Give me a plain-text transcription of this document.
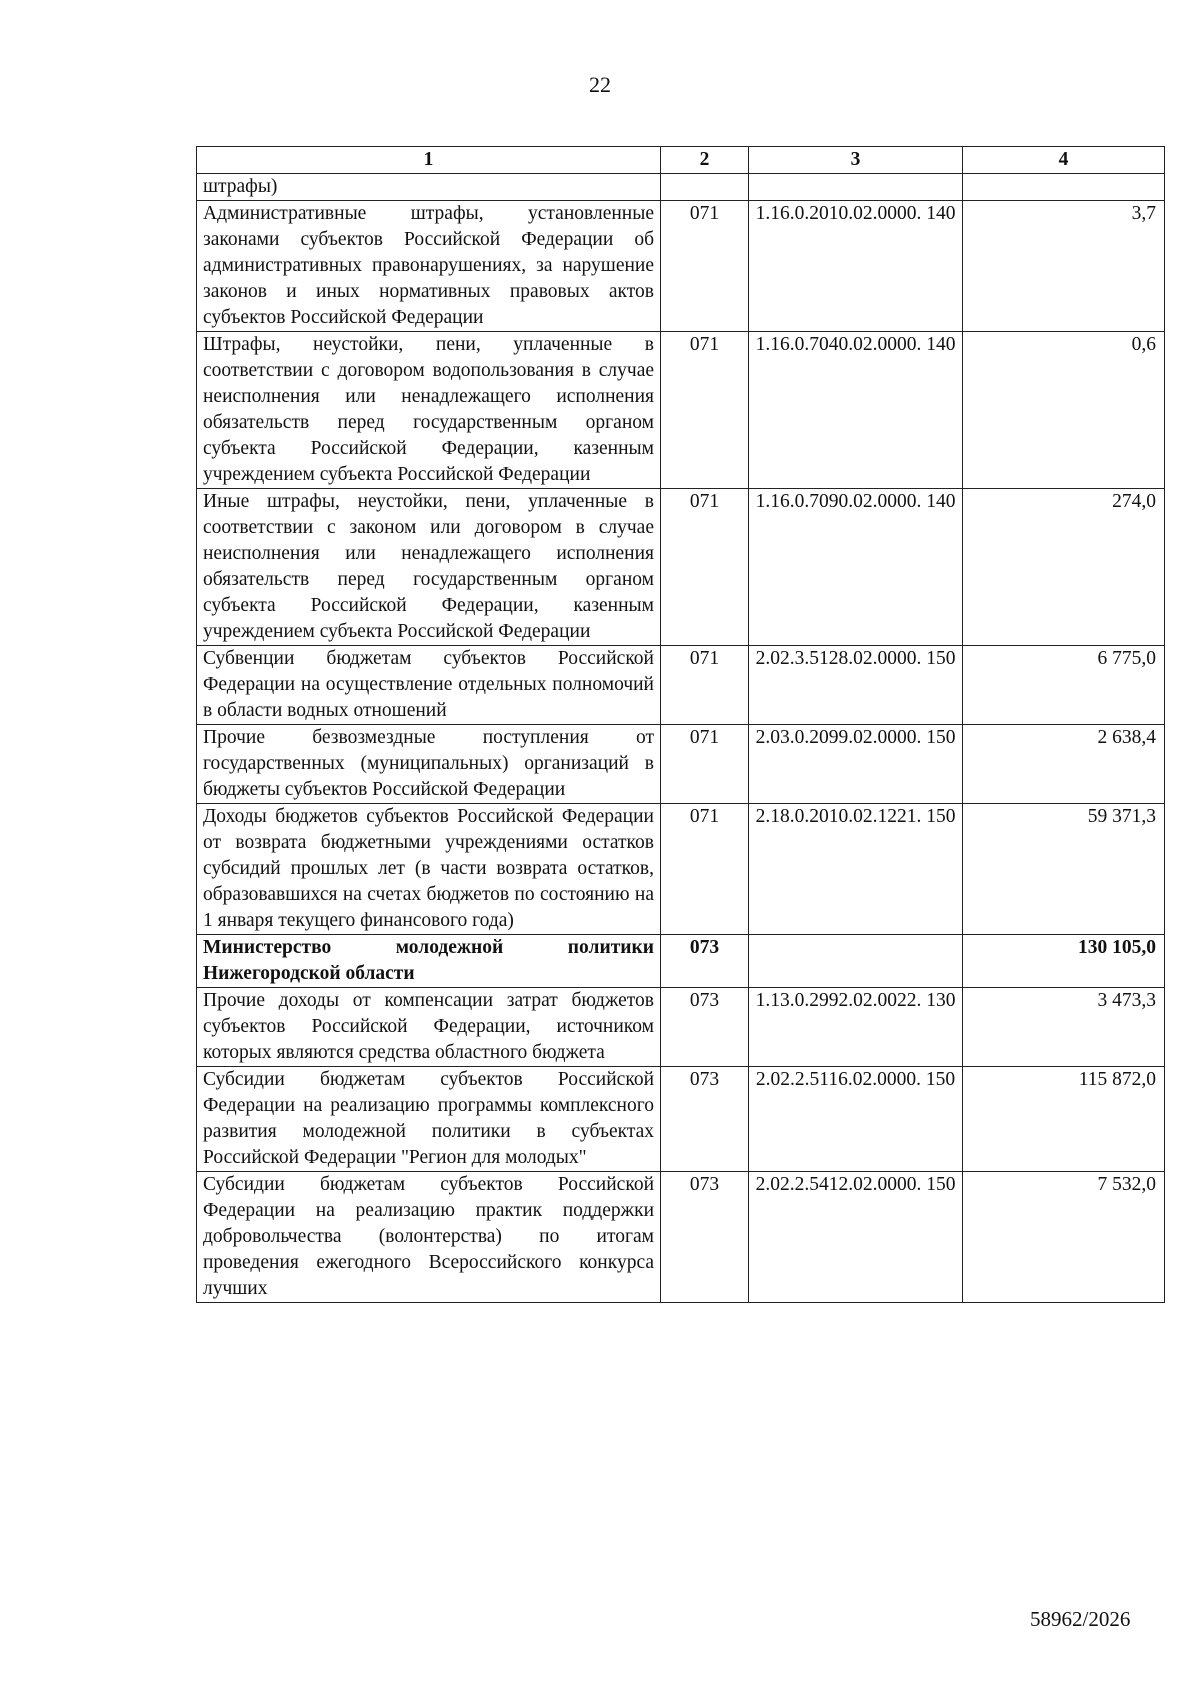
22
1	2	3	4
штрафы)			
Административные штрафы, установленные законами субъектов Российской Федерации об административных правонарушениях, за нарушение законов и иных нормативных правовых актов субъектов Российской Федерации	071	1.16.0.2010.02.0000. 140	3,7
Штрафы, неустойки, пени, уплаченные в соответствии с договором водопользования в случае неисполнения или ненадлежащего исполнения обязательств перед государственным органом субъекта Российской Федерации, казенным учреждением субъекта Российской Федерации	071	1.16.0.7040.02.0000. 140	0,6
Иные штрафы, неустойки, пени, уплаченные в соответствии с законом или договором в случае неисполнения или ненадлежащего исполнения обязательств перед государственным органом субъекта Российской Федерации, казенным учреждением субъекта Российской Федерации	071	1.16.0.7090.02.0000. 140	274,0
Субвенции бюджетам субъектов Российской Федерации на осуществление отдельных полномочий в области водных отношений	071	2.02.3.5128.02.0000. 150	6 775,0
Прочие безвозмездные поступления от государственных (муниципальных) организаций в бюджеты субъектов Российской Федерации	071	2.03.0.2099.02.0000. 150	2 638,4
Доходы бюджетов субъектов Российской Федерации от возврата бюджетными учреждениями остатков субсидий прошлых лет (в части возврата остатков, образовавшихся на счетах бюджетов по состоянию на 1 января текущего финансового года)	071	2.18.0.2010.02.1221. 150	59 371,3
Министерство молодежной политики Нижегородской области	073		130 105,0
Прочие доходы от компенсации затрат бюджетов субъектов Российской Федерации, источником которых являются средства областного бюджета	073	1.13.0.2992.02.0022. 130	3 473,3
Субсидии бюджетам субъектов Российской Федерации на реализацию программы комплексного развития молодежной политики в субъектах Российской Федерации "Регион для молодых"	073	2.02.2.5116.02.0000. 150	115 872,0
Субсидии бюджетам субъектов Российской Федерации на реализацию практик поддержки добровольчества (волонтерства) по итогам проведения ежегодного Всероссийского конкурса лучших	073	2.02.2.5412.02.0000. 150	7 532,0
58962/2026
